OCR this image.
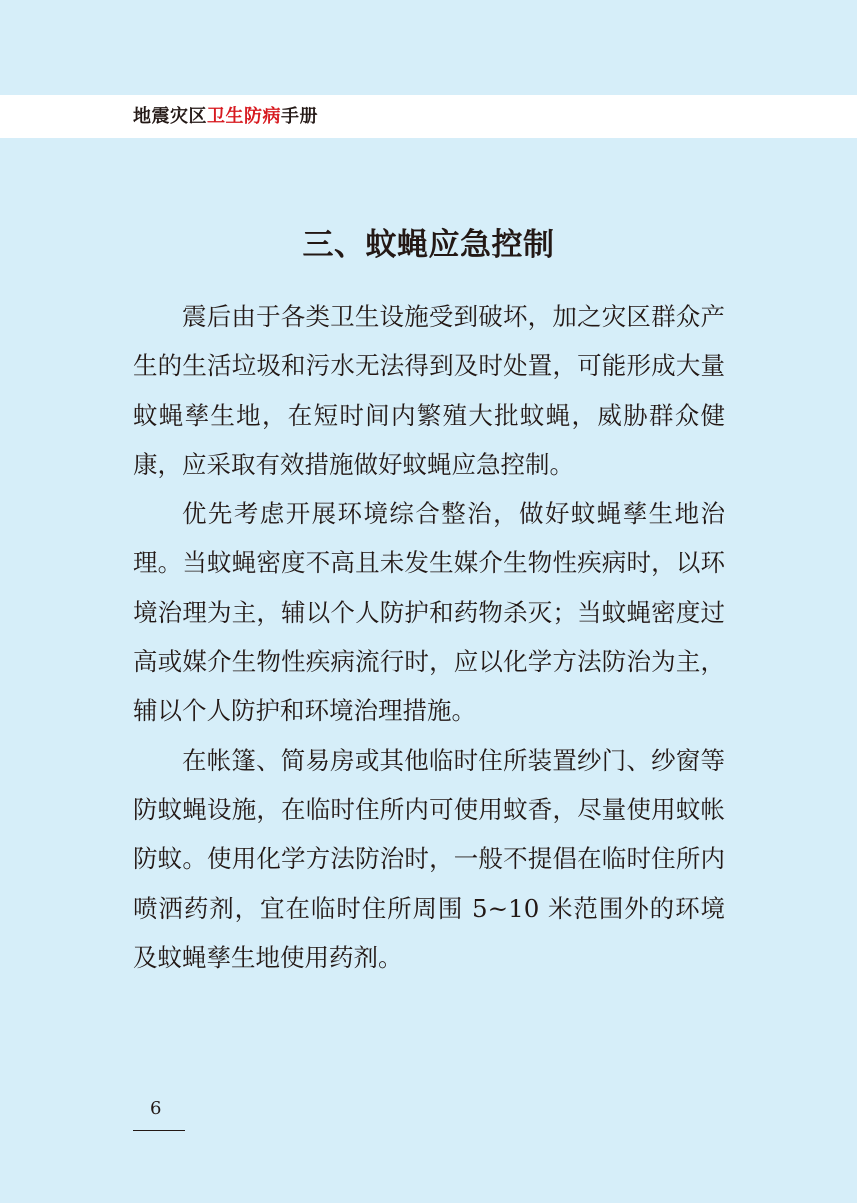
地震灾区卫生防病手册
三、蚊蝇应急控制

震后由于各类卫生设施受到破坏，加之灾区群众产生的生活垃圾和污水无法得到及时处置，可能形成大量蚊蝇孳生地，在短时间内繁殖大批蚊蝇，威胁群众健康，应采取有效措施做好蚊蝇应急控制。

优先考虑开展环境综合整治，做好蚊蝇孳生地治理。当蚊蝇密度不高且未发生媒介生物性疾病时，以环境治理为主，辅以个人防护和药物杀灭；当蚊蝇密度过高或媒介生物性疾病流行时，应以化学方法防治为主，辅以个人防护和环境治理措施。

在帐篷、简易房或其他临时住所装置纱门、纱窗等防蚊蝇设施，在临时住所内可使用蚊香，尽量使用蚊帐防蚊。使用化学方法防治时，一般不提倡在临时住所内喷洒药剂，宜在临时住所周围 5~10 米范围外的环境及蚊蝇孳生地使用药剂。

6
